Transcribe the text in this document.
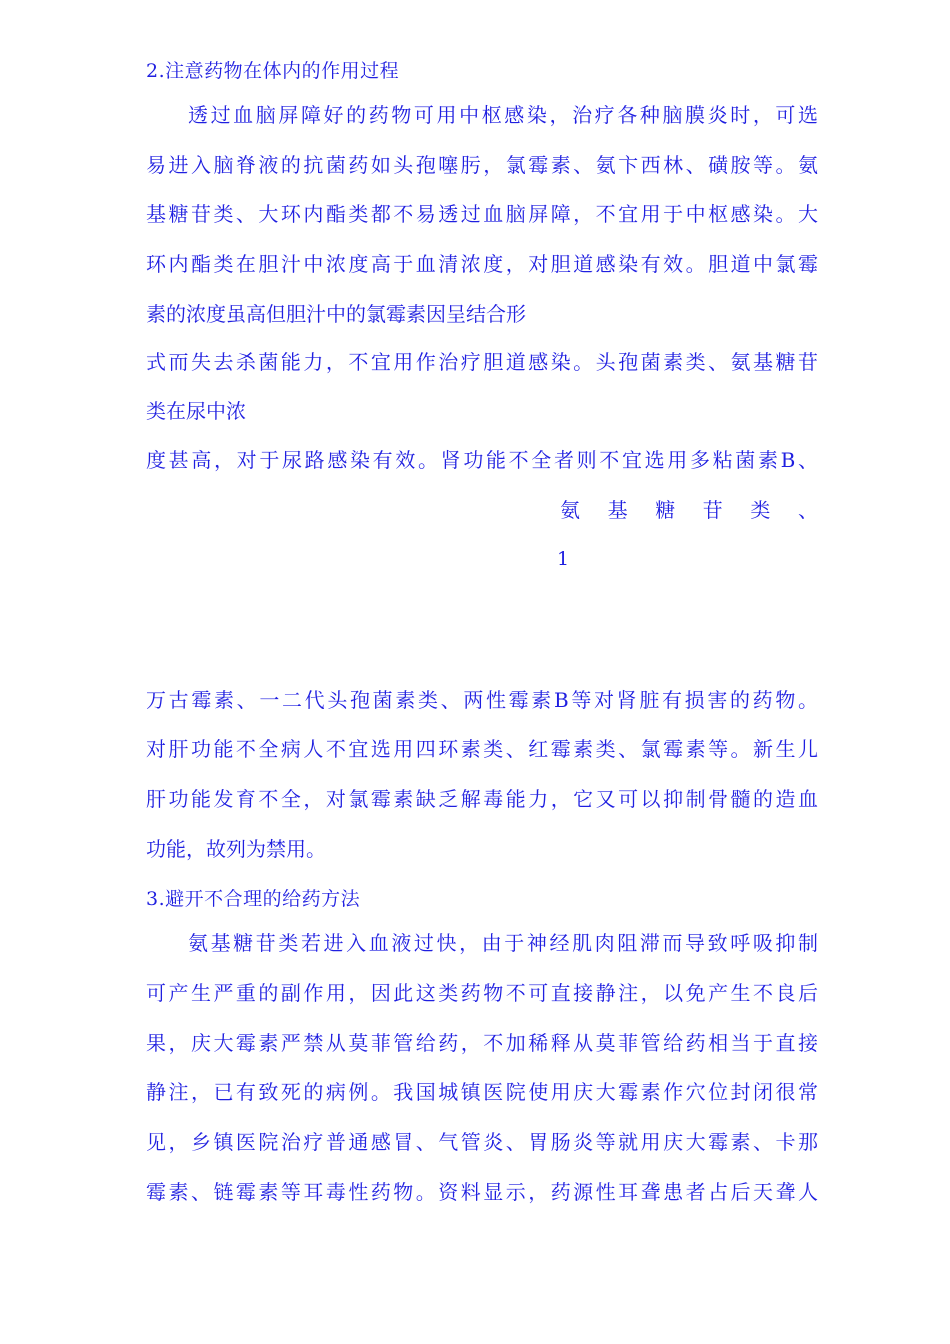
2.注意药物在体内的作用过程
透过血脑屏障好的药物可用中枢感染，治疗各种脑膜炎时，可选
易进入脑脊液的抗菌药如头孢噻肟，氯霉素、氨卞西林、磺胺等。氨
基糖苷类、大环内酯类都不易透过血脑屏障，不宜用于中枢感染。大
环内酯类在胆汁中浓度高于血清浓度，对胆道感染有效。胆道中氯霉
素的浓度虽高但胆汁中的氯霉素因呈结合形
式而失去杀菌能力，不宜用作治疗胆道感染。头孢菌素类、氨基糖苷
类在尿中浓
度甚高，对于尿路感染有效。肾功能不全者则不宜选用多粘菌素B、
氨基糖苷类、
1
万古霉素、一二代头孢菌素类、两性霉素B等对肾脏有损害的药物。
对肝功能不全病人不宜选用四环素类、红霉素类、氯霉素等。新生儿
肝功能发育不全，对氯霉素缺乏解毒能力，它又可以抑制骨髓的造血
功能，故列为禁用。
3.避开不合理的给药方法
氨基糖苷类若进入血液过快，由于神经肌肉阻滞而导致呼吸抑制
可产生严重的副作用，因此这类药物不可直接静注，以免产生不良后
果，庆大霉素严禁从莫菲管给药，不加稀释从莫菲管给药相当于直接
静注，已有致死的病例。我国城镇医院使用庆大霉素作穴位封闭很常
见，乡镇医院治疗普通感冒、气管炎、胃肠炎等就用庆大霉素、卡那
霉素、链霉素等耳毒性药物。资料显示，药源性耳聋患者占后天聋人
